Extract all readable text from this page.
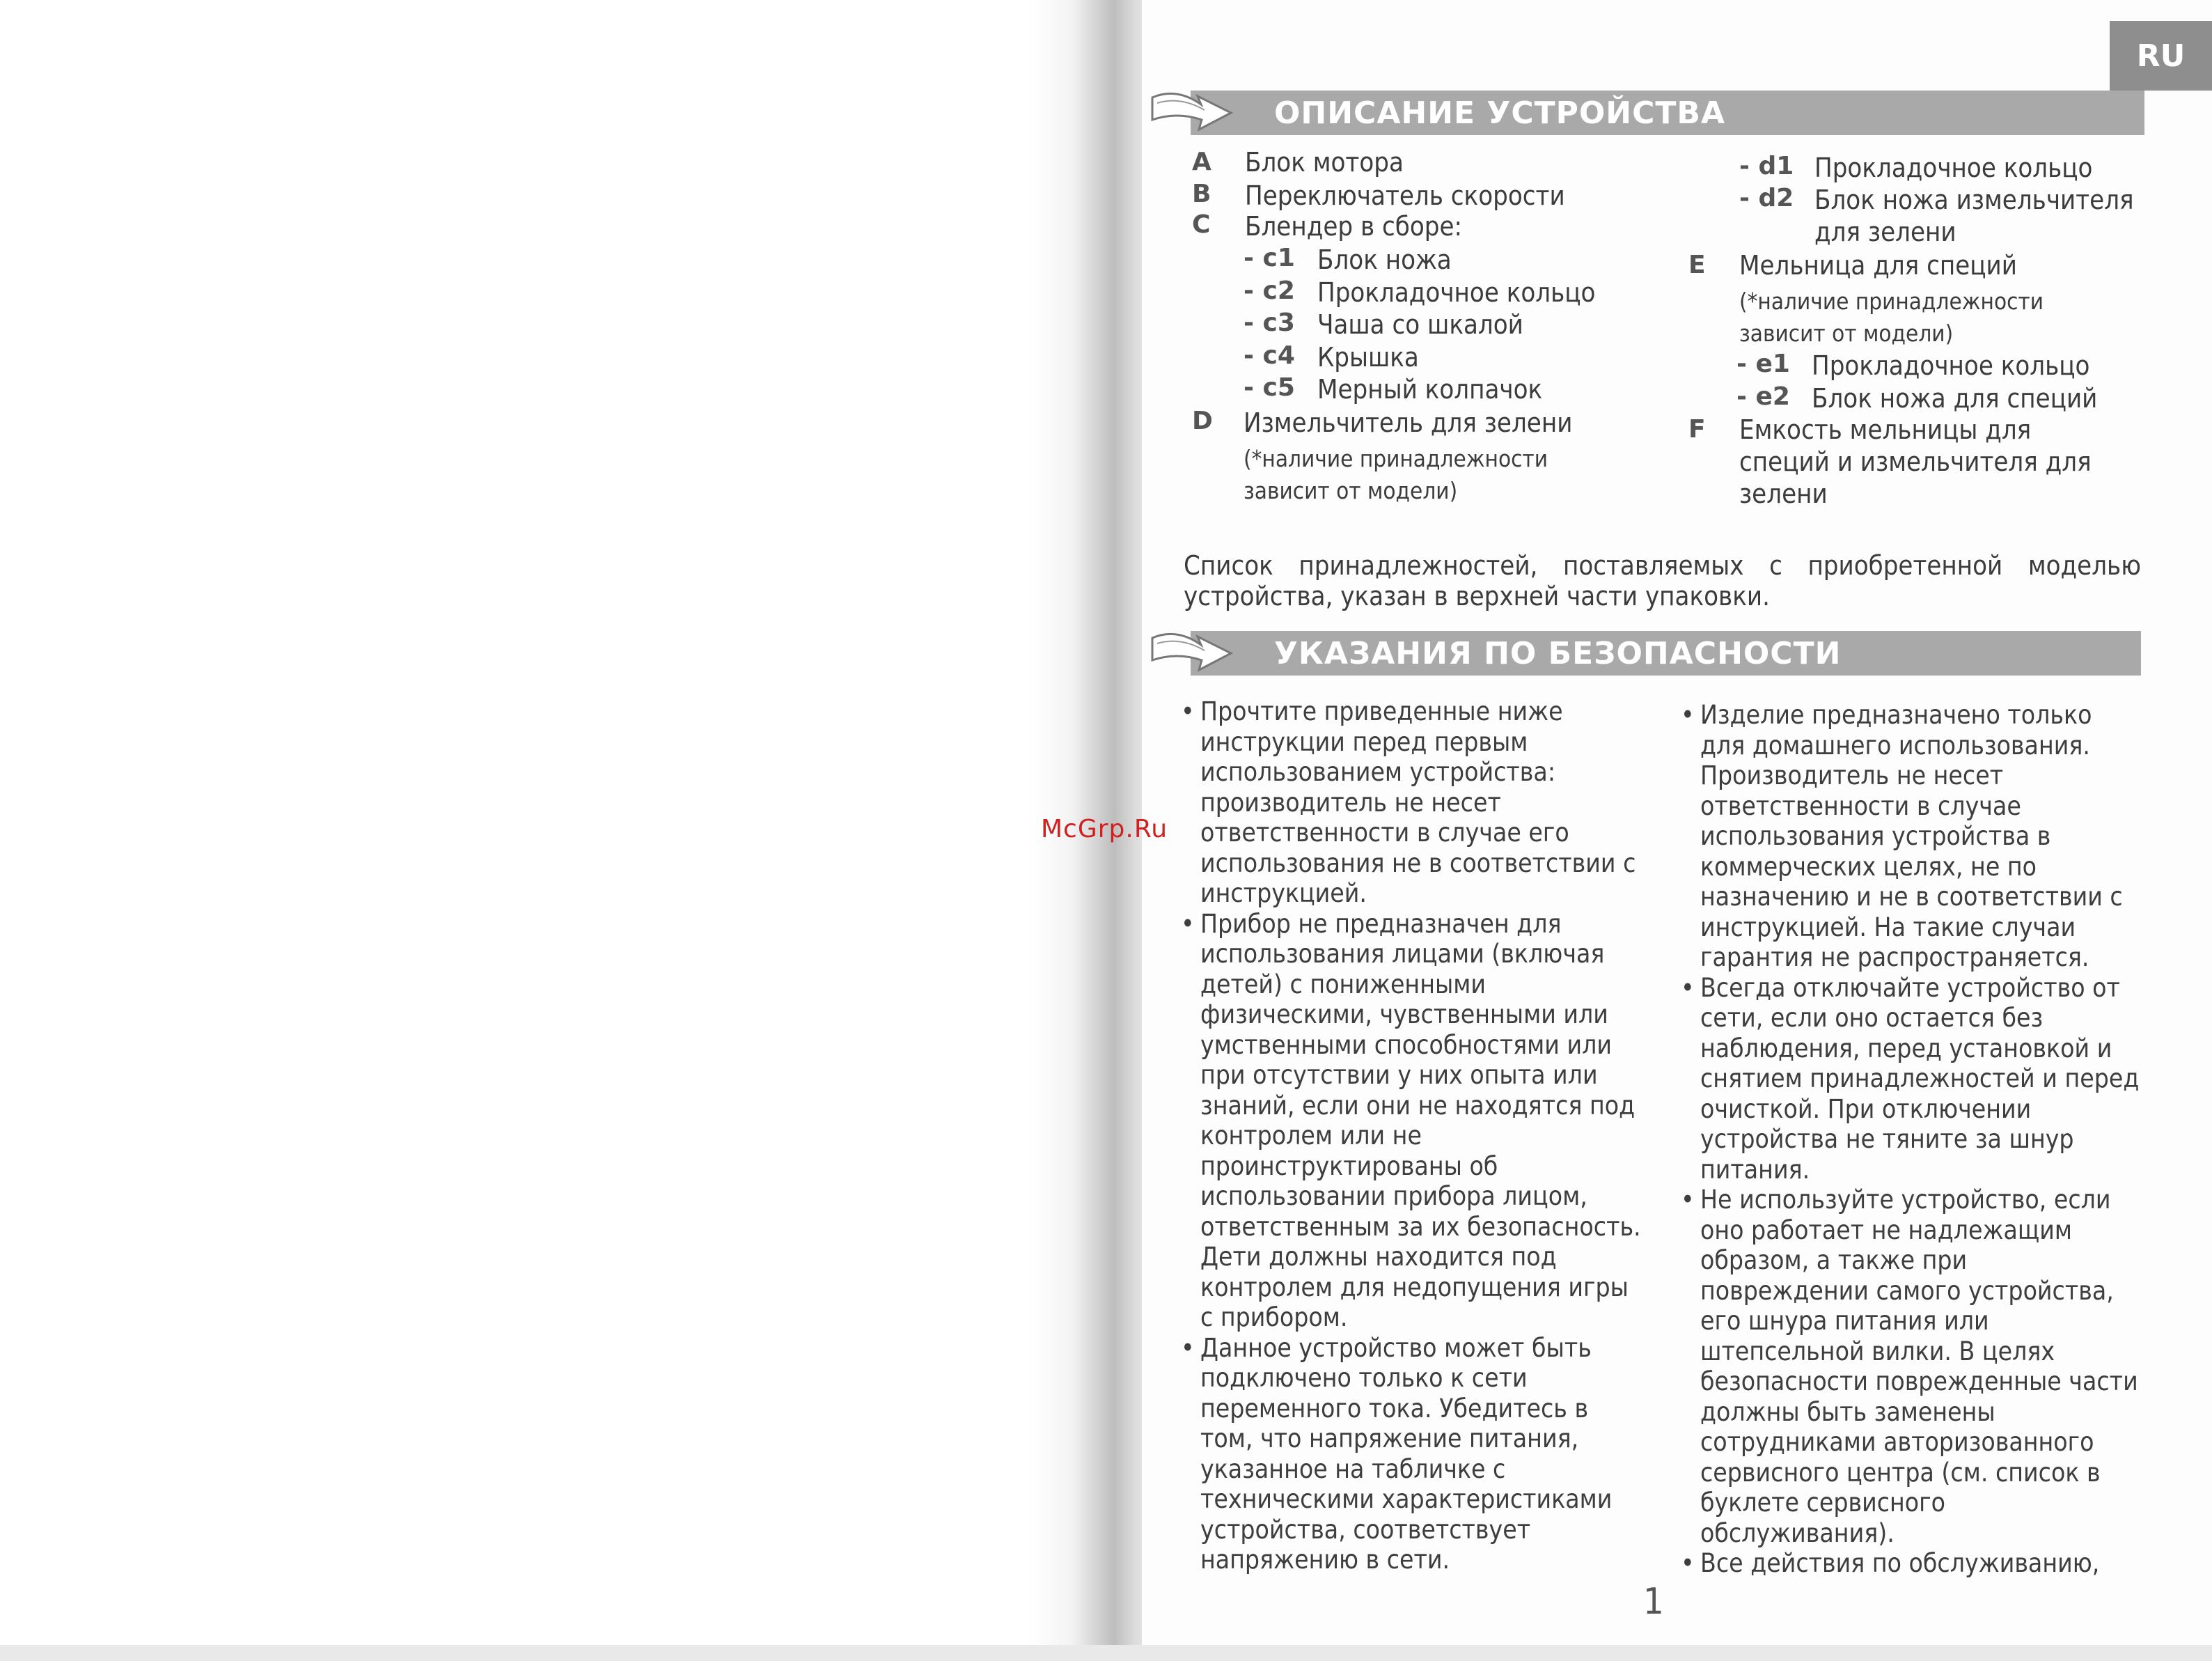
RU
McGrp.Ru
ОПИСАНИЕ УСТРОЙСТВА
A Блок мотора
B Переключатель скорости
C Блендер в сборе:
- c1 Блок ножа
- c2 Прокладочное кольцо
- c3 Чаша со шкалой
- c4 Крышка
- c5 Мерный колпачок
D Измельчитель для зелени
(*наличие принадлежности
зависит от модели)
- d1 Прокладочное кольцо
- d2 Блок ножа измельчителя
для зелени
E Мельница для специй
(*наличие принадлежности
зависит от модели)
- e1 Прокладочное кольцо
- e2 Блок ножа для специй
F Емкость мельницы для
специй и измельчителя для
зелени
Список принадлежностей, поставляемых с приобретенной моделью устройства, указан в верхней части упаковки.
УКАЗАНИЯ ПО БЕЗОПАСНОСТИ
• Прочтите приведенные ниже
инструкции перед первым
использованием устройства:
производитель не несет
ответственности в случае его
использования не в соответствии с
инструкцией.
• Прибор не предназначен для
использования лицами (включая
детей) с пониженными
физическими, чувственными или
умственными способностями или
при отсутствии у них опыта или
знаний, если они не находятся под
контролем или не
проинструктированы об
использовании прибора лицом,
ответственным за их безопасность.
Дети должны находится под
контролем для недопущения игры
с прибором.
• Данное устройство может быть
подключено только к сети
переменного тока. Убедитесь в
том, что напряжение питания,
указанное на табличке с
техническими характеристиками
устройства, соответствует
напряжению в сети.
• Изделие предназначено только
для домашнего использования.
Производитель не несет
ответственности в случае
использования устройства в
коммерческих целях, не по
назначению и не в соответствии с
инструкцией. На такие случаи
гарантия не распространяется.
• Всегда отключайте устройство от
сети, если оно остается без
наблюдения, перед установкой и
снятием принадлежностей и перед
очисткой. При отключении
устройства не тяните за шнур
питания.
• Не используйте устройство, если
оно работает не надлежащим
образом, а также при
повреждении самого устройства,
его шнура питания или
штепсельной вилки. В целях
безопасности поврежденные части
должны быть заменены
сотрудниками авторизованного
сервисного центра (см. список в
буклете сервисного
обслуживания).
• Все действия по обслуживанию,
1
